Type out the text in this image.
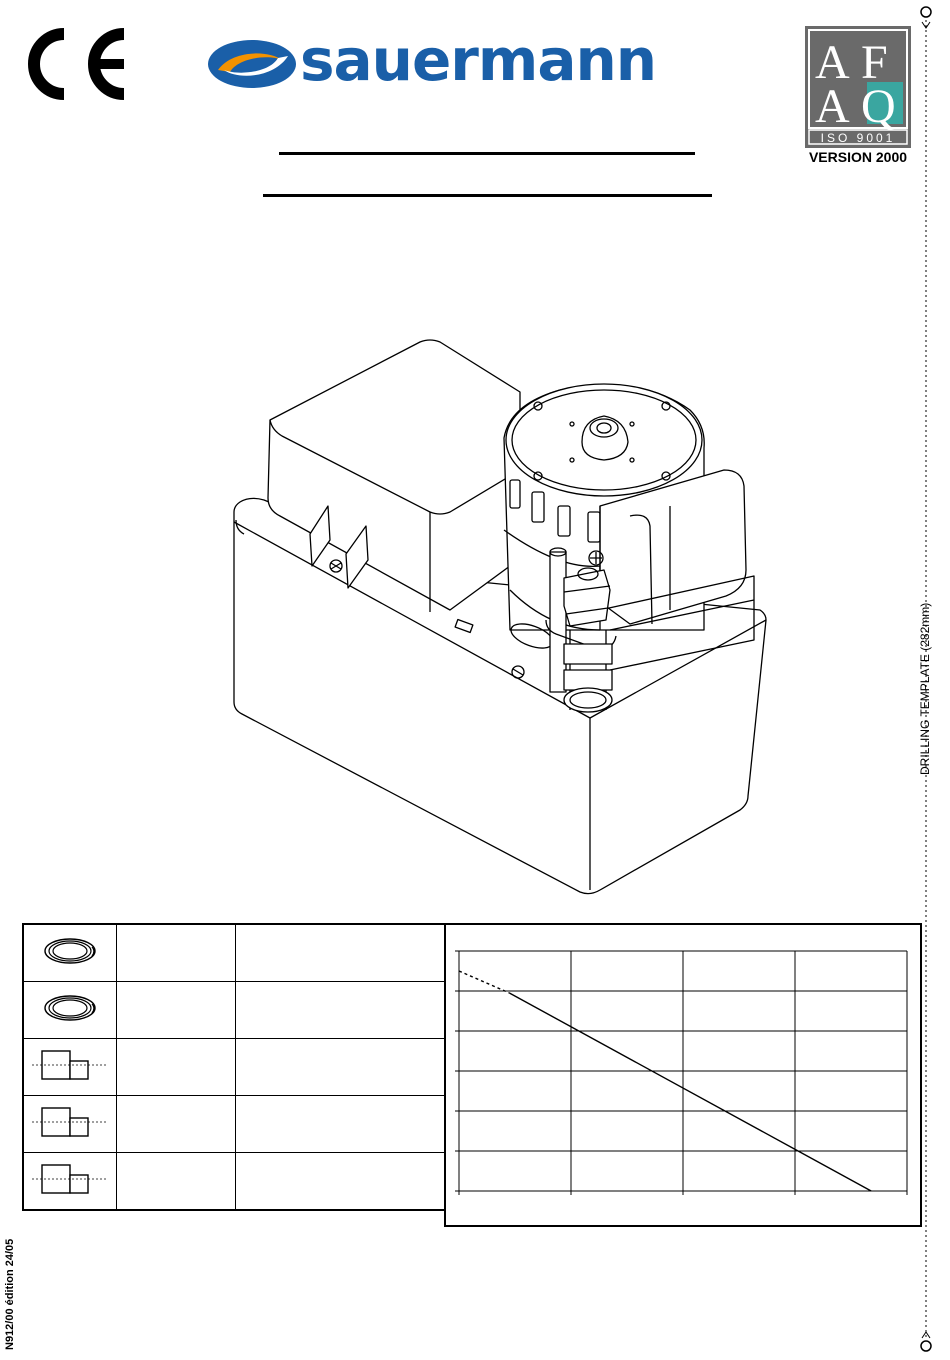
sauermann	A F
A Q
ISO 9001
VERSION 2000
DRILLING TEMPLATE (282mm)
N912/00 édition 24/05
